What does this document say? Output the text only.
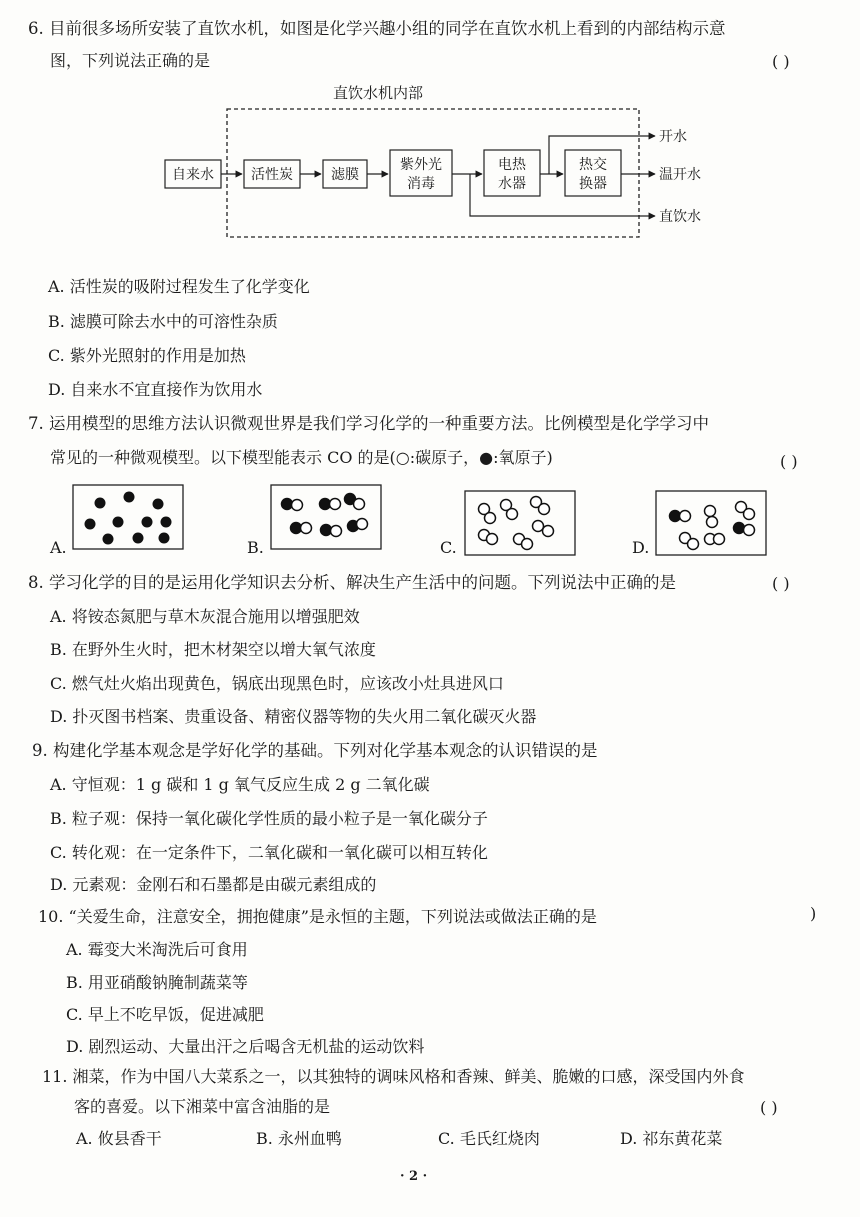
6. 目前很多场所安装了直饮水机，如图是化学兴趣小组的同学在直饮水机上看到的内部结构示意
图，下列说法正确的是	( )
直饮水机内部
自来水	活性炭	滤膜
紫外光
消毒
直饮水
电热
水器
开水
热交
换器
温开水
A. 活性炭的吸附过程发生了化学变化
B. 滤膜可除去水中的可溶性杂质
C. 紫外光照射的作用是加热
D. 自来水不宜直接作为饮用水
7. 运用模型的思维方法认识微观世界是我们学习化学的一种重要方法。比例模型是化学学习中
常见的一种微观模型。以下模型能表示 CO 的是(○:碳原子，●:氧原子)	( )
A.	B.	C.	D.
8. 学习化学的目的是运用化学知识去分析、解决生产生活中的问题。下列说法中正确的是	( )
A. 将铵态氮肥与草木灰混合施用以增强肥效
B. 在野外生火时，把木材架空以增大氧气浓度
C. 燃气灶火焰出现黄色，锅底出现黑色时，应该改小灶具进风口
D. 扑灭图书档案、贵重设备、精密仪器等物的失火用二氧化碳灭火器
9. 构建化学基本观念是学好化学的基础。下列对化学基本观念的认识错误的是
A. 守恒观：1 g 碳和 1 g 氧气反应生成 2 g 二氧化碳
B. 粒子观：保持一氧化碳化学性质的最小粒子是一氧化碳分子
C. 转化观：在一定条件下，二氧化碳和一氧化碳可以相互转化
D. 元素观：金刚石和石墨都是由碳元素组成的
10. “关爱生命，注意安全，拥抱健康”是永恒的主题，下列说法或做法正确的是	)
A. 霉变大米淘洗后可食用
B. 用亚硝酸钠腌制蔬菜等
C. 早上不吃早饭，促进减肥
D. 剧烈运动、大量出汗之后喝含无机盐的运动饮料
11. 湘菜，作为中国八大菜系之一，以其独特的调味风格和香辣、鲜美、脆嫩的口感，深受国内外食
客的喜爱。以下湘菜中富含油脂的是	( )
A. 攸县香干	B. 永州血鸭	C. 毛氏红烧肉	D. 祁东黄花菜
· 2 ·
